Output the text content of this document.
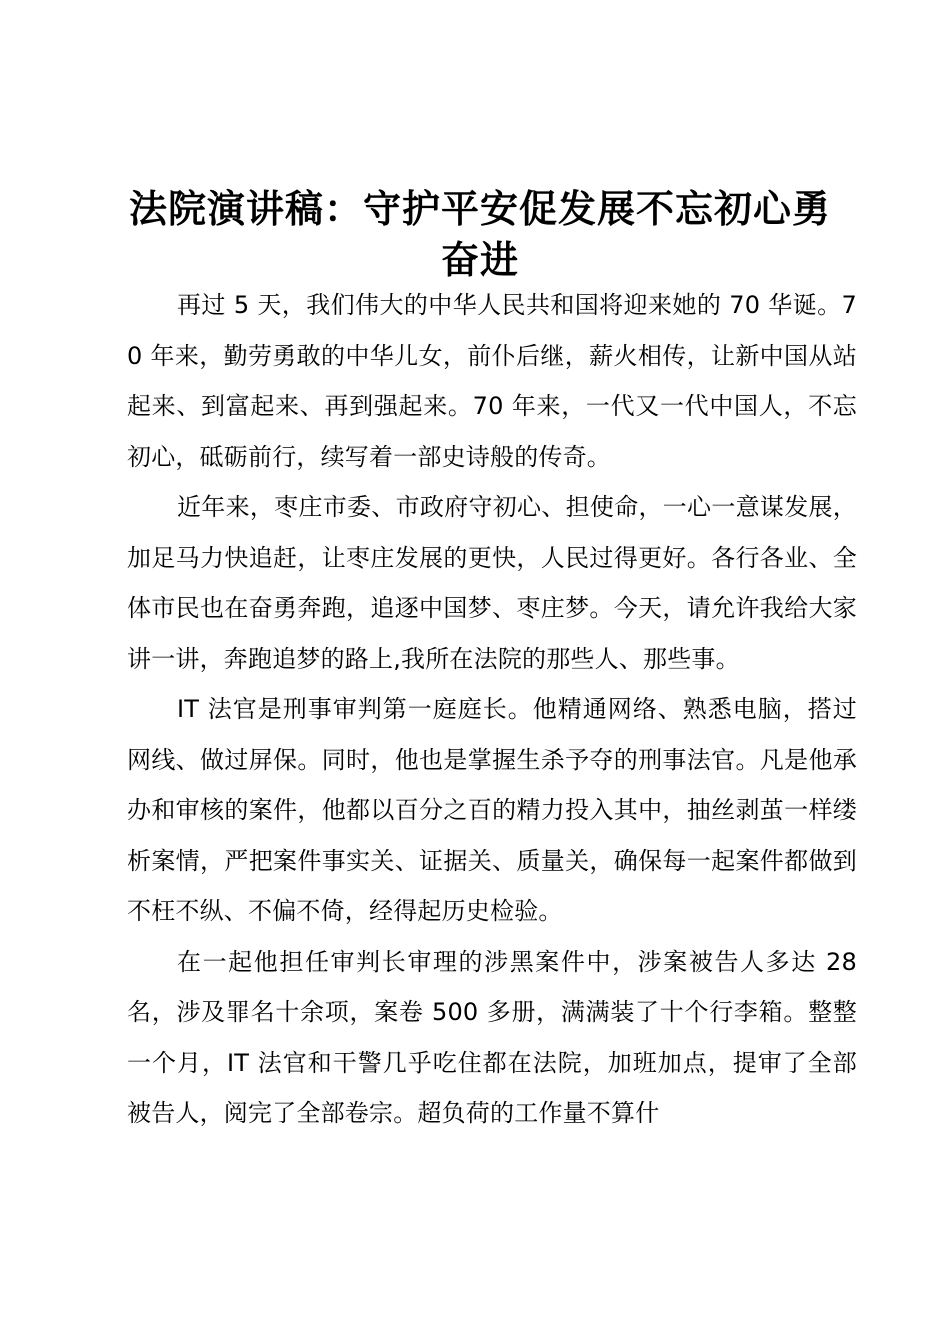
法院演讲稿：守护平安促发展不忘初心勇奋进

再过 5 天，我们伟大的中华人民共和国将迎来她的 70 华诞。70 年来，勤劳勇敢的中华儿女，前仆后继，薪火相传，让新中国从站起来、到富起来、再到强起来。70 年来，一代又一代中国人，不忘初心，砥砺前行，续写着一部史诗般的传奇。

近年来，枣庄市委、市政府守初心、担使命，一心一意谋发展，加足马力快追赶，让枣庄发展的更快，人民过得更好。各行各业、全体市民也在奋勇奔跑，追逐中国梦、枣庄梦。今天，请允许我给大家讲一讲，奔跑追梦的路上,我所在法院的那些人、那些事。

IT 法官是刑事审判第一庭庭长。他精通网络、熟悉电脑，搭过网线、做过屏保。同时，他也是掌握生杀予夺的刑事法官。凡是他承办和审核的案件，他都以百分之百的精力投入其中，抽丝剥茧一样缕析案情，严把案件事实关、证据关、质量关，确保每一起案件都做到不枉不纵、不偏不倚，经得起历史检验。

在一起他担任审判长审理的涉黑案件中，涉案被告人多达 28 名，涉及罪名十余项，案卷 500 多册，满满装了十个行李箱。整整一个月，IT 法官和干警几乎吃住都在法院，加班加点，提审了全部被告人，阅完了全部卷宗。超负荷的工作量不算什
